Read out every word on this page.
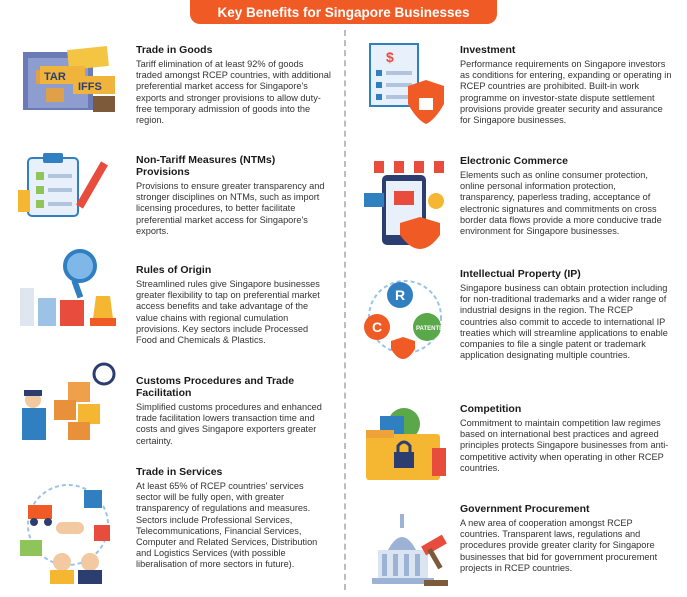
Key Benefits for Singapore Businesses
TAR
IFFS
$
R
C	PATENTED
Trade in Goods

Tariff elimination of at least 92% of goods traded amongst RCEP countries, with additional preferential market access for Singapore's exports and stronger provisions to allow duty-free temporary admission of goods into the region.

Non-Tariff Measures (NTMs) Provisions

Provisions to ensure greater transparency and stronger disciplines on NTMs, such as import licensing procedures, to better facilitate preferential market access for Singapore's exports.

Rules of Origin

Streamlined rules give Singapore businesses greater flexibility to tap on preferential market access benefits and take advantage of the value chains with regional cumulation provisions. Key sectors include Processed Food and Chemicals & Plastics.

Customs Procedures and Trade Facilitation

Simplified customs procedures and enhanced trade facilitation lowers transaction time and costs and gives Singapore exporters greater certainty.

Trade in Services

At least 65% of RCEP countries' services sector will be fully open, with greater transparency of regulations and measures. Sectors include Professional Services, Telecommunications, Financial Services, Computer and Related Services, Distribution and Logistics Services (with possible liberalisation of more sectors in future).

Investment

Performance requirements on Singapore investors as conditions for entering, expanding or operating in RCEP countries are prohibited. Built-in work programme on investor-state dispute settlement provisions provide greater security and assurance for Singapore businesses.

Electronic Commerce

Elements such as online consumer protection, online personal information protection, transparency, paperless trading, acceptance of electronic signatures and commitments on cross border data flows provide a more conducive trade environment for Singapore businesses.

Intellectual Property (IP)

Singapore business can obtain protection including for non-traditional trademarks and a wider range of industrial designs in the region. The RCEP countries also commit to accede to international IP treaties which will streamline applications to enable companies to file a single patent or trademark application designating multiple countries.

Competition

Commitment to maintain competition law regimes based on international best practices and agreed principles protects Singapore businesses from anti-competitive activity when operating in other RCEP countries.

Government Procurement

A new area of cooperation amongst RCEP countries. Transparent laws, regulations and procedures provide greater clarity for Singapore businesses that bid for government procurement projects in RCEP countries.
